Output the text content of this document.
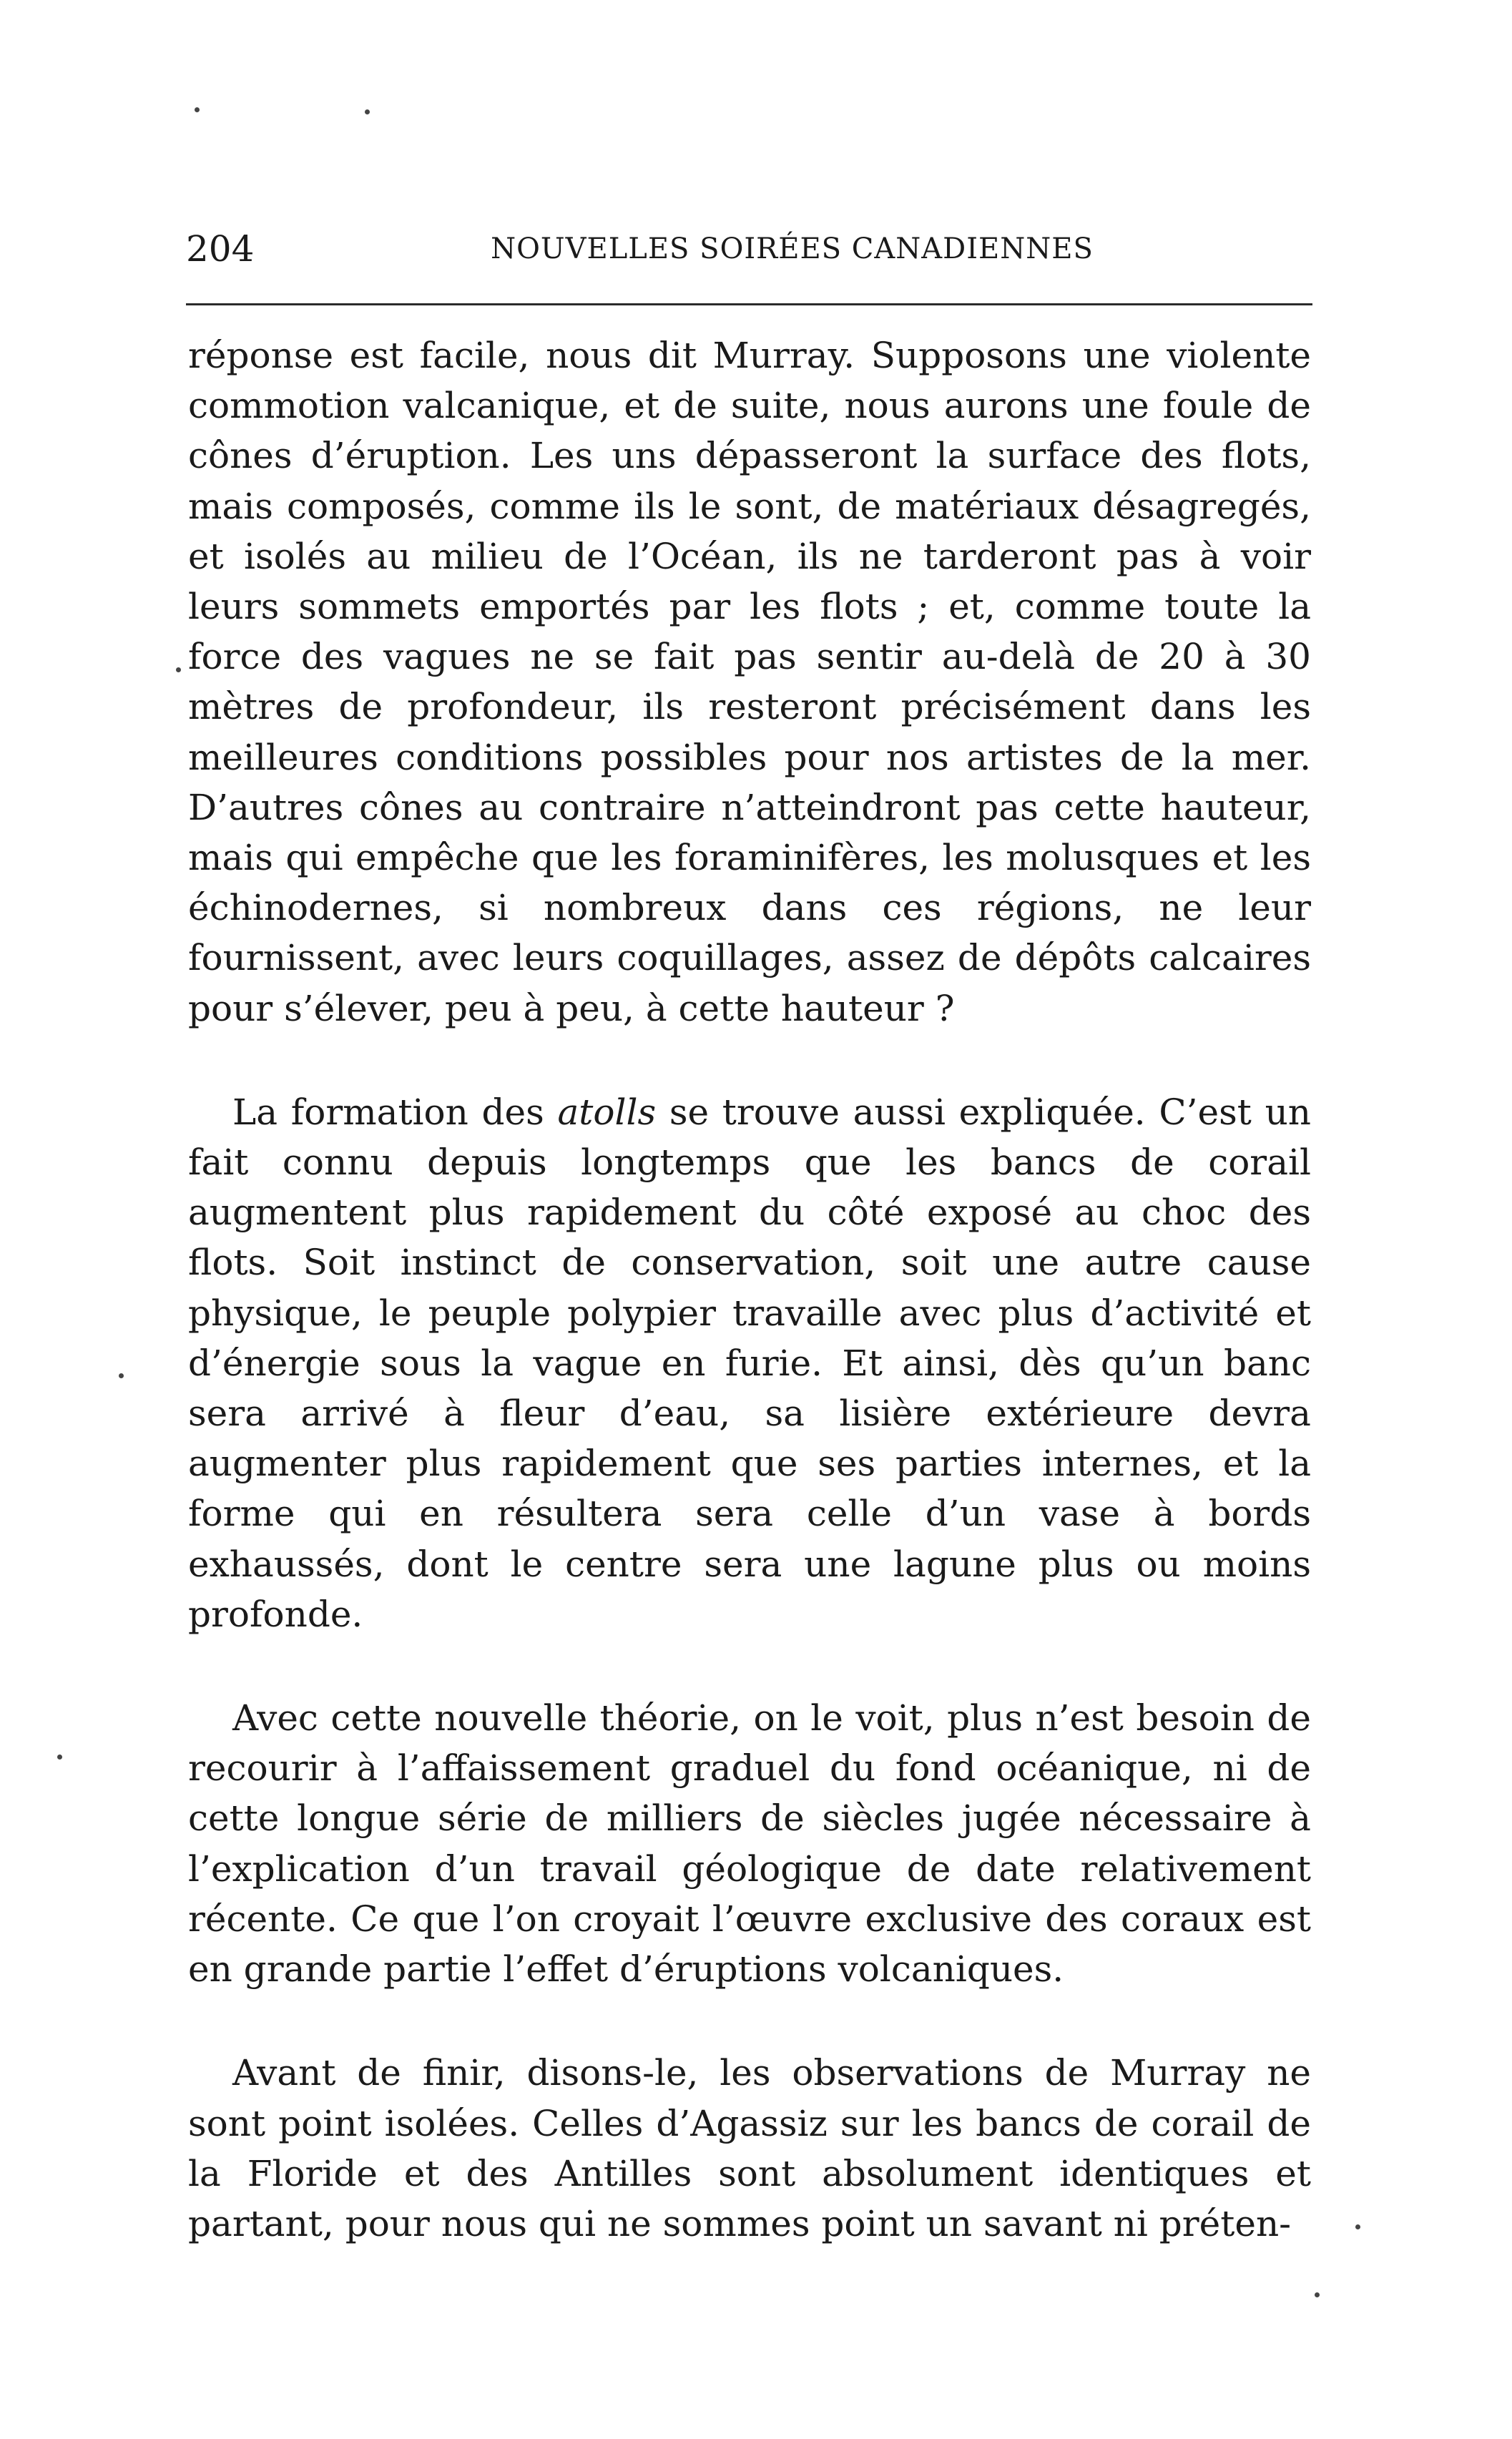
204	NOUVELLES SOIRÉES CANADIENNES

réponse est facile, nous dit Murray. Supposons une violente commotion valcanique, et de suite, nous aurons une foule de cônes d’éruption. Les uns dépasseront la surface des flots, mais composés, comme ils le sont, de matériaux désagregés, et isolés au milieu de l’Océan, ils ne tarderont pas à voir leurs sommets emportés par les flots ; et, comme toute la force des vagues ne se fait pas sentir au-delà de 20 à 30 mètres de profondeur, ils resteront précisément dans les meilleures conditions possibles pour nos artistes de la mer. D’autres cônes au contraire n’atteindront pas cette hauteur, mais qui empêche que les foraminifères, les molusques et les échinodernes, si nombreux dans ces régions, ne leur fournissent, avec leurs coquillages, assez de dépôts calcaires pour s’élever, peu à peu, à cette hauteur ?

La formation des atolls se trouve aussi expliquée. C’est un fait connu depuis longtemps que les bancs de corail augmentent plus rapidement du côté exposé au choc des flots. Soit instinct de conservation, soit une autre cause physique, le peuple polypier travaille avec plus d’activité et d’énergie sous la vague en furie. Et ainsi, dès qu’un banc sera arrivé à fleur d’eau, sa lisière extérieure devra augmenter plus rapidement que ses parties internes, et la forme qui en résultera sera celle d’un vase à bords exhaussés, dont le centre sera une lagune plus ou moins profonde.

Avec cette nouvelle théorie, on le voit, plus n’est besoin de recourir à l’affaissement graduel du fond océanique, ni de cette longue série de milliers de siècles jugée nécessaire à l’explication d’un travail géologique de date relativement récente. Ce que l’on croyait l’œuvre exclusive des coraux est en grande partie l’effet d’éruptions volcaniques.

Avant de finir, disons-le, les observations de Murray ne sont point isolées. Celles d’Agassiz sur les bancs de corail de la Floride et des Antilles sont absolument identiques et partant, pour nous qui ne sommes point un savant ni préten-
